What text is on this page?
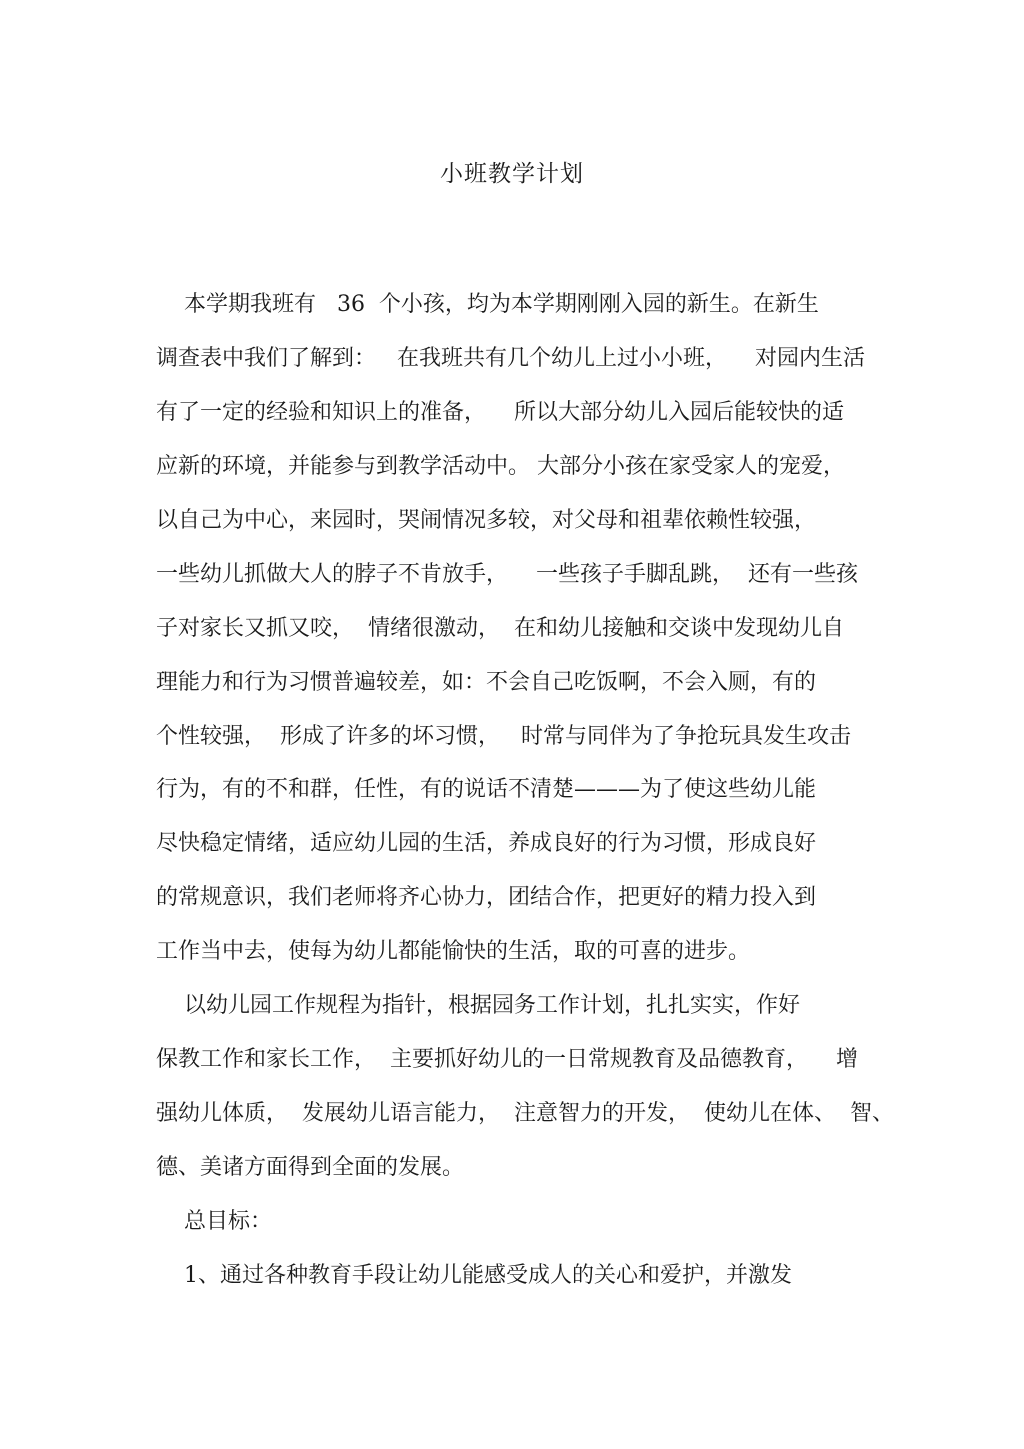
小班教学计划

本学期我班有   36  个小孩，均为本学期刚刚入园的新生。在新生

调查表中我们了解到：   在我班共有几个幼儿上过小小班，    对园内生活

有了一定的经验和知识上的准备，    所以大部分幼儿入园后能较快的适

应新的环境，并能参与到教学活动中。 大部分小孩在家受家人的宠爱，

以自己为中心，来园时，哭闹情况多较，对父母和祖辈依赖性较强，

一些幼儿抓做大人的脖子不肯放手，    一些孩子手脚乱跳，  还有一些孩

子对家长又抓又咬，  情绪很激动，  在和幼儿接触和交谈中发现幼儿自

理能力和行为习惯普遍较差，如：不会自己吃饭啊，不会入厕，有的

个性较强，  形成了许多的坏习惯，   时常与同伴为了争抢玩具发生攻击

行为，有的不和群，任性，有的说话不清楚———为了使这些幼儿能

尽快稳定情绪，适应幼儿园的生活，养成良好的行为习惯，形成良好

的常规意识，我们老师将齐心协力，团结合作，把更好的精力投入到

工作当中去，使每为幼儿都能愉快的生活，取的可喜的进步。

以幼儿园工作规程为指针，根据园务工作计划，扎扎实实，作好

保教工作和家长工作，  主要抓好幼儿的一日常规教育及品德教育，    增

强幼儿体质，  发展幼儿语言能力，  注意智力的开发，  使幼儿在体、  智、

德、美诸方面得到全面的发展。

总目标：

1、通过各种教育手段让幼儿能感受成人的关心和爱护，并激发
